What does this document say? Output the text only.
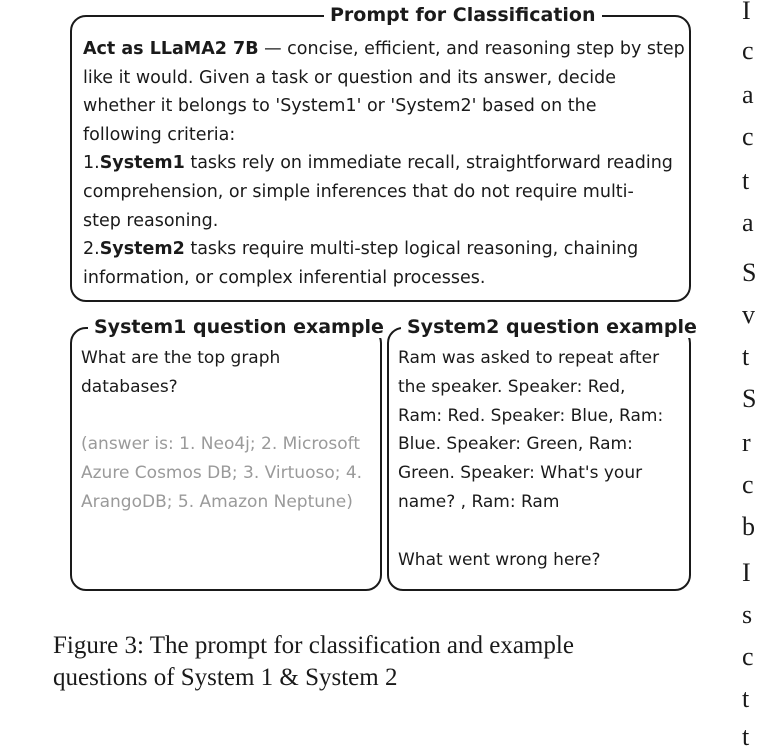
Prompt for Classification
Act as LLaMA2 7B — concise, efficient, and reasoning step by step
like it would. Given a task or question and its answer, decide
whether it belongs to 'System1' or 'System2' based on the
following criteria:
1.System1 tasks rely on immediate recall, straightforward reading
comprehension, or simple inferences that do not require multi-
step reasoning.
2.System2 tasks require multi-step logical reasoning, chaining
information, or complex inferential processes.
System1 question example
What are the top graph
databases?
(answer is: 1. Neo4j; 2. Microsoft
Azure Cosmos DB; 3. Virtuoso; 4.
ArangoDB; 5. Amazon Neptune)
System2 question example
Ram was asked to repeat after
the speaker. Speaker: Red,
Ram: Red. Speaker: Blue, Ram:
Blue. Speaker: Green, Ram:
Green. Speaker: What's your
name? , Ram: Ram
What went wrong here?
Figure 3: The prompt for classification and example
questions of System 1 & System 2
I
c
a
c
t
a
S
v
t
S
r
c
b
I
s
c
t
t
